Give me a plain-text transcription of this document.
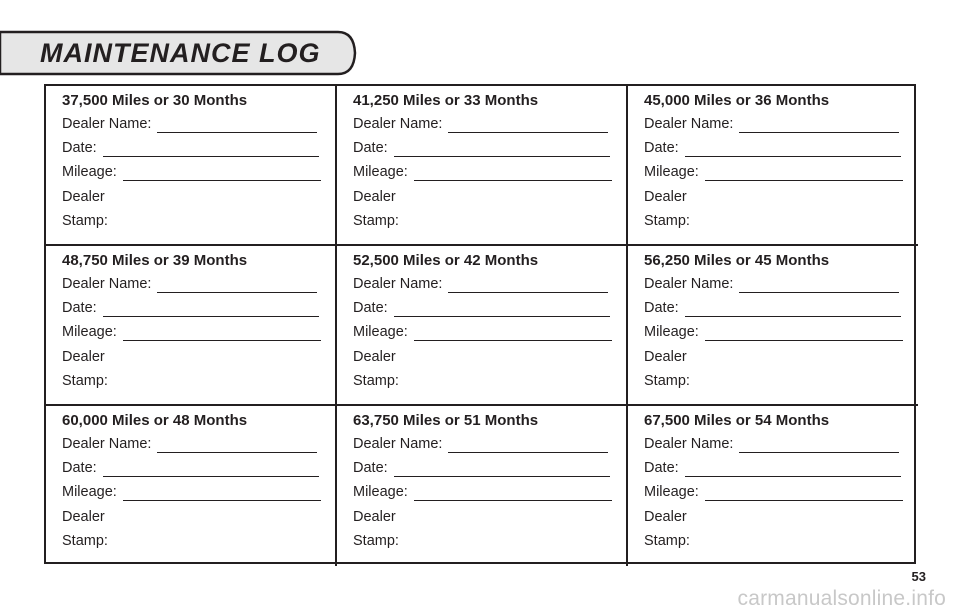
MAINTENANCE LOG
37,500 Miles or 30 Months
Dealer Name:
Date:
Mileage:
Dealer
Stamp:
41,250 Miles or 33 Months
Dealer Name:
Date:
Mileage:
Dealer
Stamp:
45,000 Miles or 36 Months
Dealer Name:
Date:
Mileage:
Dealer
Stamp:
48,750 Miles or 39 Months
Dealer Name:
Date:
Mileage:
Dealer
Stamp:
52,500 Miles or 42 Months
Dealer Name:
Date:
Mileage:
Dealer
Stamp:
56,250 Miles or 45 Months
Dealer Name:
Date:
Mileage:
Dealer
Stamp:
60,000 Miles or 48 Months
Dealer Name:
Date:
Mileage:
Dealer
Stamp:
63,750 Miles or 51 Months
Dealer Name:
Date:
Mileage:
Dealer
Stamp:
67,500 Miles or 54 Months
Dealer Name:
Date:
Mileage:
Dealer
Stamp:
53
carmanualsonline.info
